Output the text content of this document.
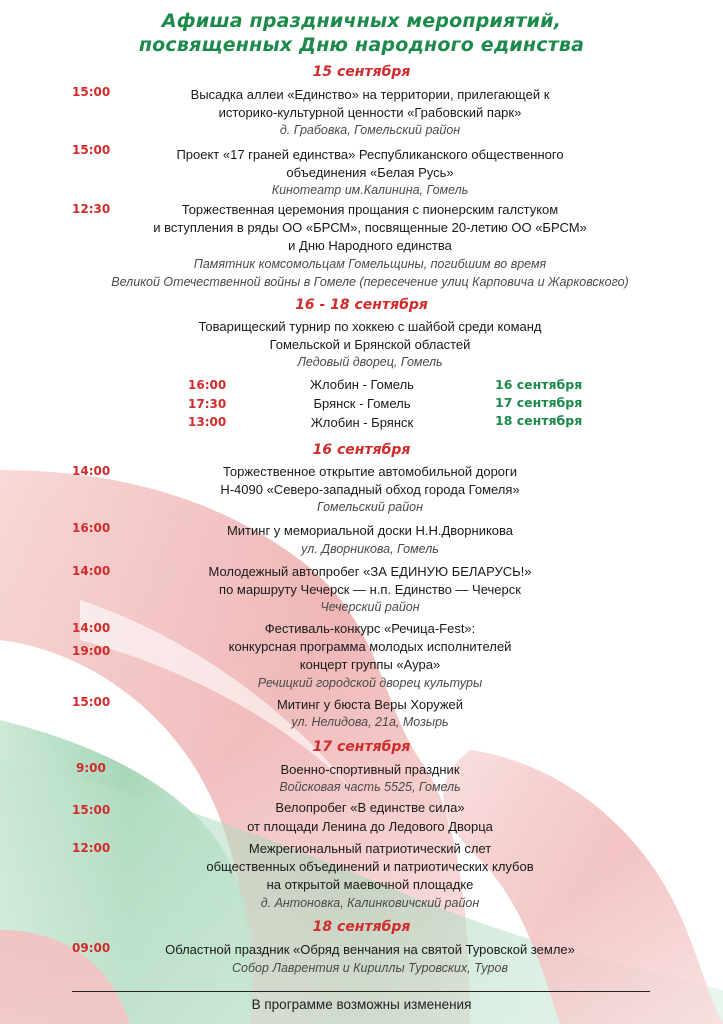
Афиша праздничных мероприятий,
посвященных Дню народного единства
15 сентября
15:00	Высадка аллеи «Единство» на территории, прилегающей к
историко-культурной ценности «Грабовский парк»
д. Грабовка, Гомельский район
15:00	Проект «17 граней единства» Республиканского общественного
объединения «Белая Русь»
Кинотеатр им.Калинина, Гомель
12:30	Торжественная церемония прощания с пионерским галстуком
и вступления в ряды ОО «БРСМ», посвященные 20-летию ОО «БРСМ»
и Дню Народного единства
Памятник комсомольцам Гомельщины, погибшим во время
Великой Отечественной войны в Гомеле (пересечение улиц Карповича и Жарковского)
16 - 18 сентября
Товарищеский турнир по хоккею с шайбой среди команд
Гомельской и Брянской областей
Ледовый дворец, Гомель
16:00	Жлобин - Гомель	16 сентября
17:30	Брянск - Гомель	17 сентября
13:00	Жлобин - Брянск	18 сентября
16 сентября
14:00	Торжественное открытие автомобильной дороги
Н-4090 «Северо-западный обход города Гомеля»
Гомельский район
16:00	Митинг у мемориальной доски Н.Н.Дворникова
ул. Дворникова, Гомель
14:00	Молодежный автопробег «ЗА ЕДИНУЮ БЕЛАРУСЬ!»
по маршруту Чечерск — н.п. Единство — Чечерск
Чечерский район
14:00
19:00
Фестиваль-конкурс «Речица-Fest»:
конкурсная программа молодых исполнителей
концерт группы «Аура»
Речицкий городской дворец культуры
15:00	Митинг у бюста Веры Хоружей
ул. Нелидова, 21а, Мозырь
17 сентября
9:00	Военно-спортивный праздник
Войсковая часть 5525, Гомель
15:00	Велопробег «В единстве сила»
от площади Ленина до Ледового Дворца
12:00	Межрегиональный патриотический слет
общественных объединений и патриотических клубов
на открытой маевочной площадке
д. Антоновка, Калинковичский район
18 сентября
09:00	Областной праздник «Обряд венчания на святой Туровской земле»
Собор Лаврентия и Кириллы Туровских, Туров
В программе возможны изменения
